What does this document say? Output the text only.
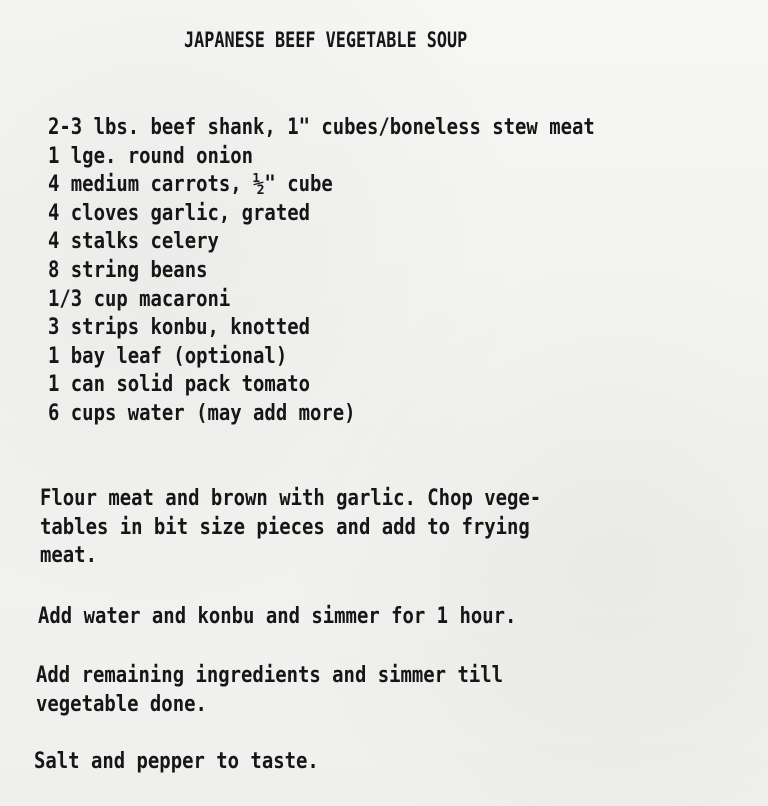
JAPANESE BEEF VEGETABLE SOUP
2-3 lbs. beef shank, 1" cubes/boneless stew meat
1 lge. round onion
4 medium carrots, ½" cube
4 cloves garlic, grated
4 stalks celery
8 string beans
1/3 cup macaroni
3 strips konbu, knotted
1 bay leaf (optional)
1 can solid pack tomato
6 cups water (may add more)
Flour meat and brown with garlic. Chop vege-
tables in bit size pieces and add to frying
meat.
Add water and konbu and simmer for 1 hour.
Add remaining ingredients and simmer till
vegetable done.
Salt and pepper to taste.
